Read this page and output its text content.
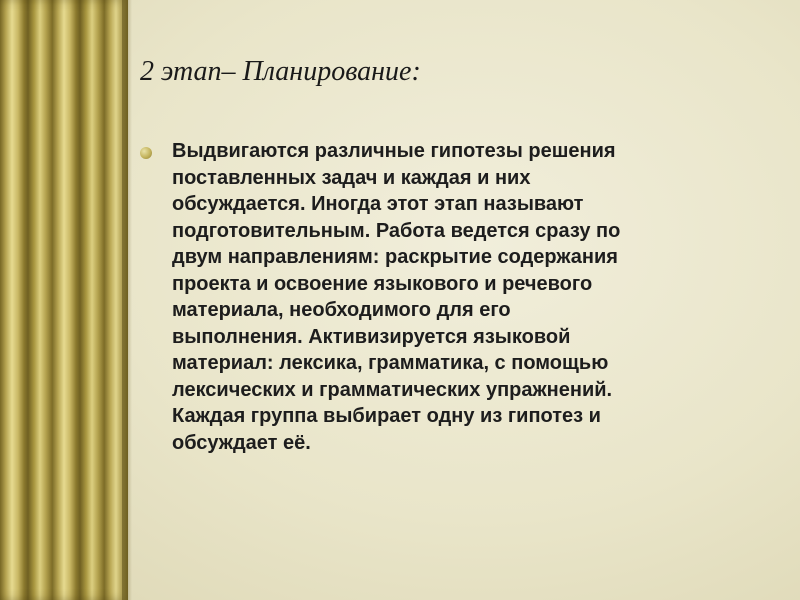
2 этап– Планирование:
Выдвигаются различные гипотезы решения
поставленных задач и каждая и них
обсуждается. Иногда этот этап называют
подготовительным. Работа ведется сразу по
двум направлениям: раскрытие содержания
проекта и освоение языкового и речевого
материала, необходимого для его
выполнения. Активизируется языковой
материал: лексика, грамматика, с помощью
лексических и грамматических упражнений.
Каждая группа выбирает одну из гипотез и
обсуждает её.
